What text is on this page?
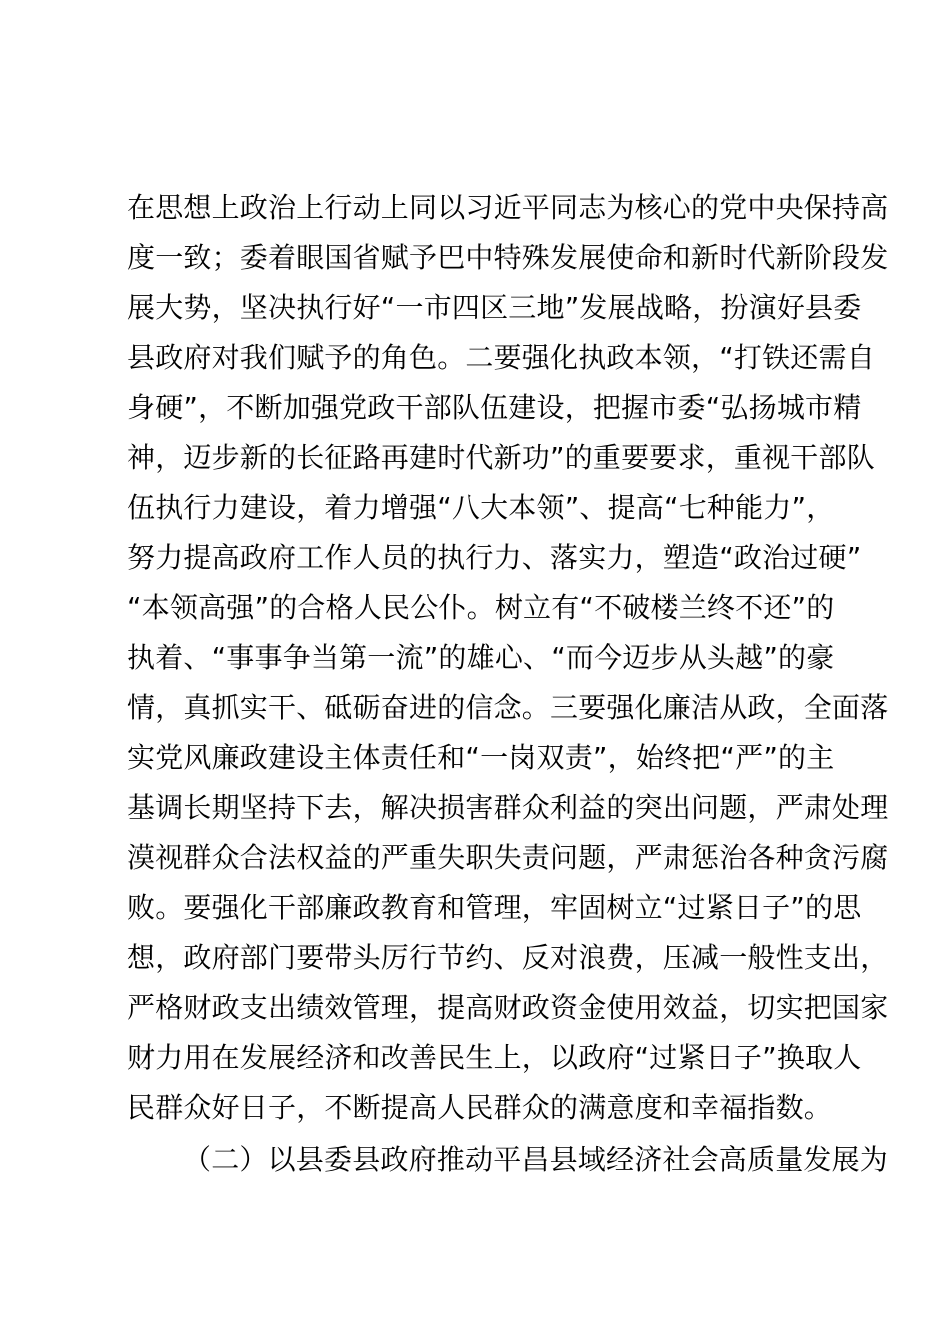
在思想上政治上行动上同以习近平同志为核心的党中央保持高
度一致；委着眼国省赋予巴中特殊发展使命和新时代新阶段发
展大势，坚决执行好“一市四区三地”发展战略，扮演好县委
县政府对我们赋予的角色。二要强化执政本领，“打铁还需自
身硬”，不断加强党政干部队伍建设，把握市委“弘扬城市精
神，迈步新的长征路再建时代新功”的重要要求，重视干部队
伍执行力建设，着力增强“八大本领”、提高“七种能力”，
努力提高政府工作人员的执行力、落实力，塑造“政治过硬”
“本领高强”的合格人民公仆。树立有“不破楼兰终不还”的
执着、“事事争当第一流”的雄心、“而今迈步从头越”的豪
情，真抓实干、砥砺奋进的信念。三要强化廉洁从政，全面落
实党风廉政建设主体责任和“一岗双责”，始终把“严”的主
基调长期坚持下去，解决损害群众利益的突出问题，严肃处理
漠视群众合法权益的严重失职失责问题，严肃惩治各种贪污腐
败。要强化干部廉政教育和管理，牢固树立“过紧日子”的思
想，政府部门要带头厉行节约、反对浪费，压减一般性支出，
严格财政支出绩效管理，提高财政资金使用效益，切实把国家
财力用在发展经济和改善民生上，以政府“过紧日子”换取人
民群众好日子，不断提高人民群众的满意度和幸福指数。
（二）以县委县政府推动平昌县域经济社会高质量发展为
